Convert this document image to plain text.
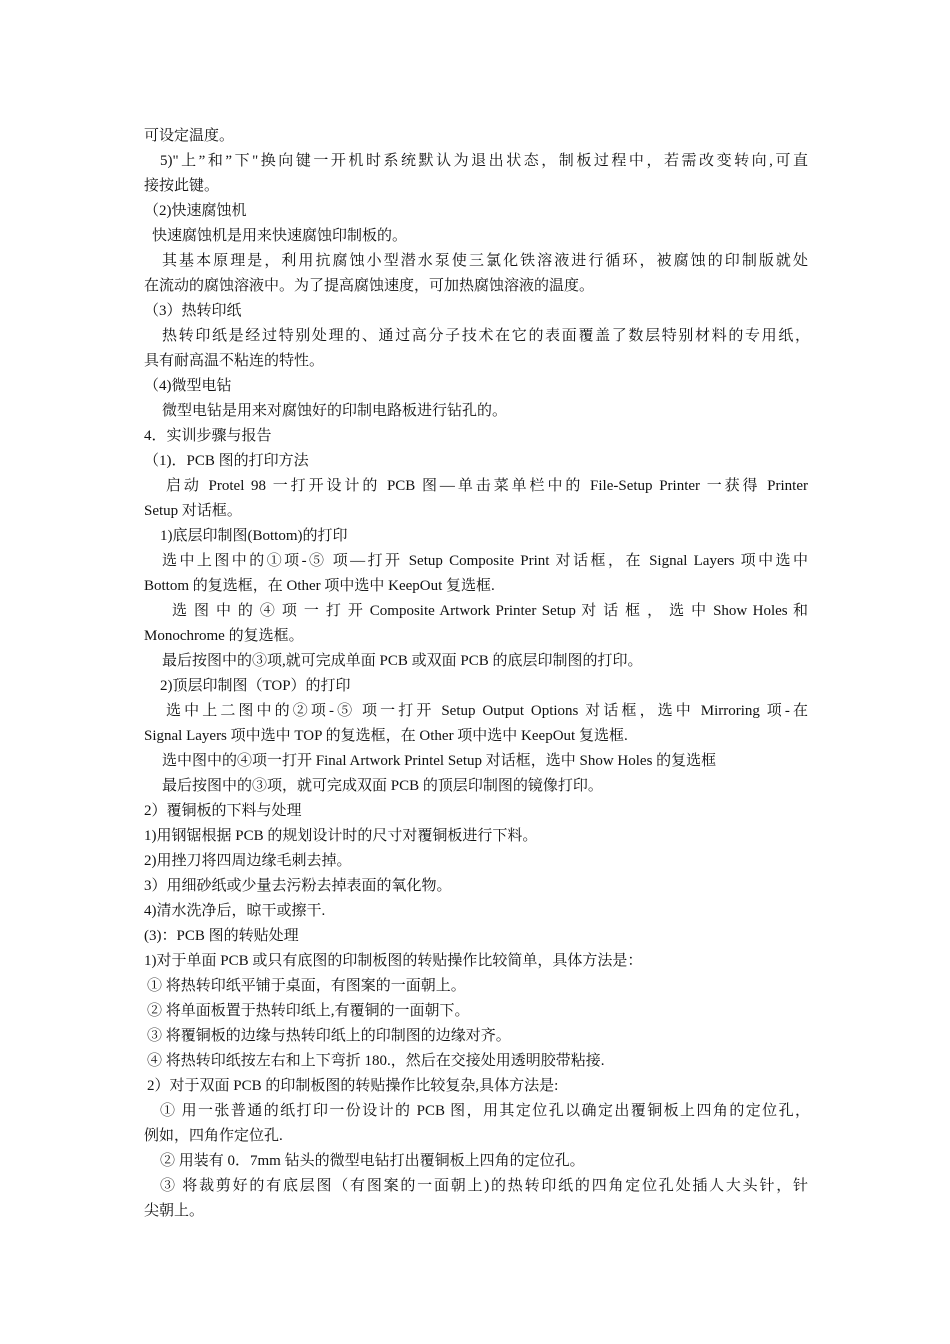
可设定温度。
5)"上”和”下"换向键一开机时系统默认为退出状态，制板过程中，若需改变转向,可直
接按此键。
（2)快速腐蚀机
快速腐蚀机是用来快速腐蚀印制板的。
其基本原理是，利用抗腐蚀小型潜水泵使三氯化铁溶液进行循环，被腐蚀的印制版就处
在流动的腐蚀溶液中。为了提高腐蚀速度，可加热腐蚀溶液的温度。
（3）热转印纸
热转印纸是经过特别处理的、通过高分子技术在它的表面覆盖了数层特别材料的专用纸，
具有耐高温不粘连的特性。
（4)微型电钻
微型电钻是用来对腐蚀好的印制电路板进行钻孔的。
4．实训步骤与报告
（1)．PCB 图的打印方法
启动 Protel 98 一打开设计的 PCB 图—单击菜单栏中的 File-Setup Printer 一获得 Printer
Setup 对话框。
1)底层印制图(Bottom)的打印
选中上图中的①项-⑤ 项—打开 Setup Composite Print 对话框，在 Signal Layers 项中选中
Bottom 的复选框，在 Other 项中选中 KeepOut 复选框.
选 图 中 的 ④ 项 一 打 开 Composite Artwork Printer Setup 对 话 框 ， 选 中 Show Holes 和
Monochrome 的复选框。
最后按图中的③项,就可完成单面 PCB 或双面 PCB 的底层印制图的打印。
2)顶层印制图（TOP）的打印
选中上二图中的②项-⑤ 项一打开 Setup Output Options 对话框，选中 Mirroring 项-在
Signal Layers 项中选中 TOP 的复选框，在 Other 项中选中 KeepOut 复选框.
选中图中的④项一打开 Final Artwork Printel Setup 对话框，选中 Show Holes 的复选框
最后按图中的③项，就可完成双面 PCB 的顶层印制图的镜像打印。
2）覆铜板的下料与处理
1)用钢锯根据 PCB 的规划设计时的尺寸对覆铜板进行下料。
2)用挫刀将四周边缘毛刺去掉。
3）用细砂纸或少量去污粉去掉表面的氧化物。
4)清水洗净后，晾干或擦干.
(3)：PCB 图的转贴处理
1)对于单面 PCB 或只有底图的印制板图的转贴操作比较简单，具体方法是：
① 将热转印纸平铺于桌面，有图案的一面朝上。
② 将单面板置于热转印纸上,有覆铜的一面朝下。
③ 将覆铜板的边缘与热转印纸上的印制图的边缘对齐。
④ 将热转印纸按左右和上下弯折 180.，然后在交接处用透明胶带粘接.
2）对于双面 PCB 的印制板图的转贴操作比较复杂,具体方法是:
① 用一张普通的纸打印一份设计的 PCB 图，用其定位孔以确定出覆铜板上四角的定位孔，
例如，四角作定位孔.
② 用装有 0．7mm 钻头的微型电钻打出覆铜板上四角的定位孔。
③ 将裁剪好的有底层图（有图案的一面朝上)的热转印纸的四角定位孔处插人大头针，针
尖朝上。
